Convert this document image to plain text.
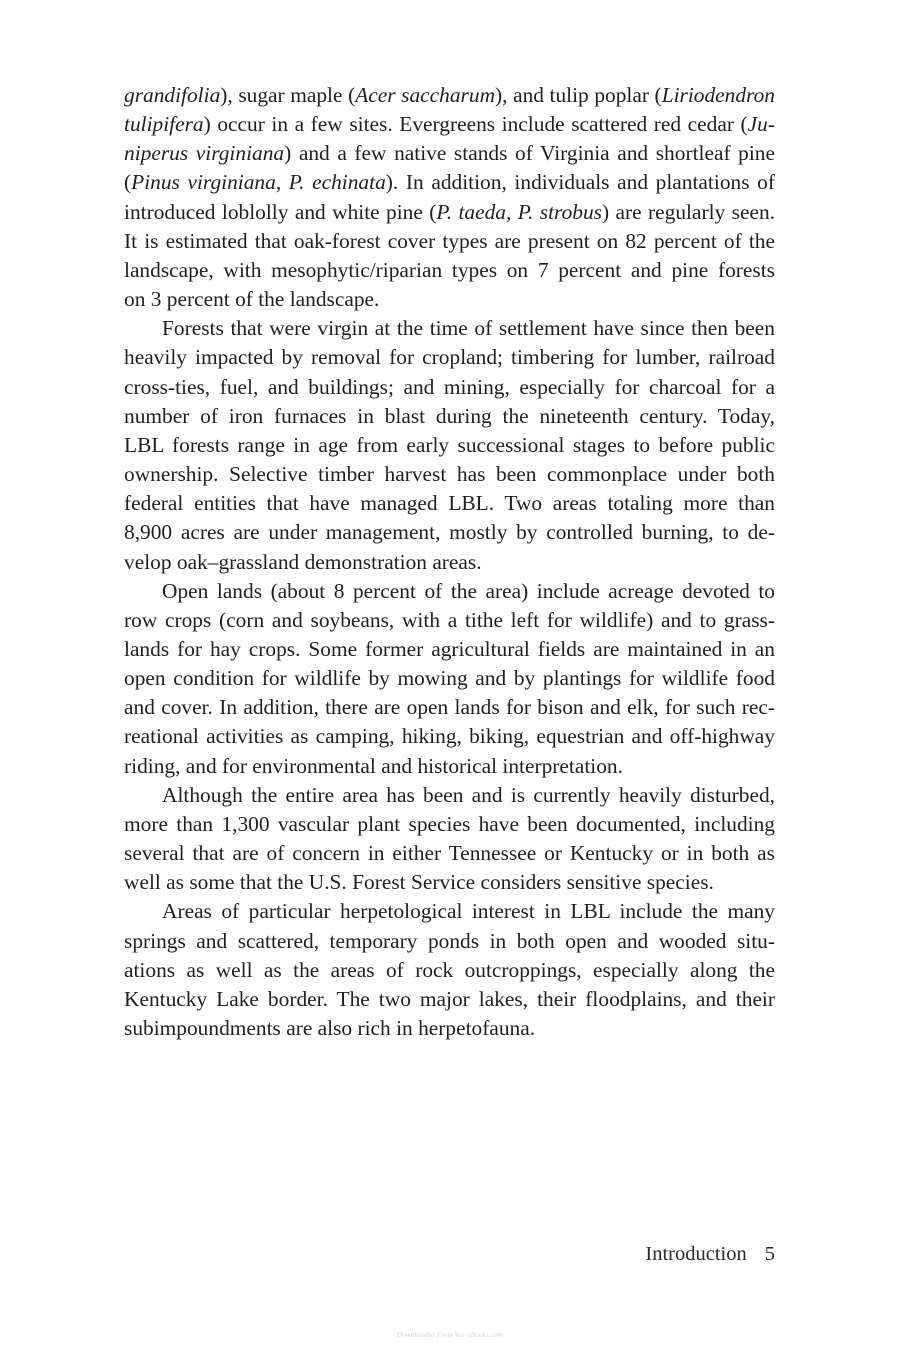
grandifolia), sugar maple (Acer saccharum), and tulip poplar (Liriodendron
tulipifera) occur in a few sites. Evergreens include scattered red cedar (Ju-
niperus virginiana) and a few native stands of Virginia and shortleaf pine
(Pinus virginiana, P. echinata). In addition, individuals and plantations of
introduced loblolly and white pine (P. taeda, P. strobus) are regularly seen.
It is estimated that oak-forest cover types are present on 82 percent of the
landscape, with mesophytic/riparian types on 7 percent and pine forests
on 3 percent of the landscape.
Forests that were virgin at the time of settlement have since then been
heavily impacted by removal for cropland; timbering for lumber, railroad
cross-ties, fuel, and buildings; and mining, especially for charcoal for a
number of iron furnaces in blast during the nineteenth century. Today,
LBL forests range in age from early successional stages to before public
ownership. Selective timber harvest has been commonplace under both
federal entities that have managed LBL. Two areas totaling more than
8,900 acres are under management, mostly by controlled burning, to de-
velop oak–grassland demonstration areas.
Open lands (about 8 percent of the area) include acreage devoted to
row crops (corn and soybeans, with a tithe left for wildlife) and to grass-
lands for hay crops. Some former agricultural fields are maintained in an
open condition for wildlife by mowing and by plantings for wildlife food
and cover. In addition, there are open lands for bison and elk, for such rec-
reational activities as camping, hiking, biking, equestrian and off-highway
riding, and for environmental and historical interpretation.
Although the entire area has been and is currently heavily disturbed,
more than 1,300 vascular plant species have been documented, including
several that are of concern in either Tennessee or Kentucky or in both as
well as some that the U.S. Forest Service considers sensitive species.
Areas of particular herpetological interest in LBL include the many
springs and scattered, temporary ponds in both open and wooded situ-
ations as well as the areas of rock outcroppings, especially along the
Kentucky Lake border. The two major lakes, their floodplains, and their
subimpoundments are also rich in herpetofauna.
Introduction 5
Downloaded From Vee-eBooks.com
